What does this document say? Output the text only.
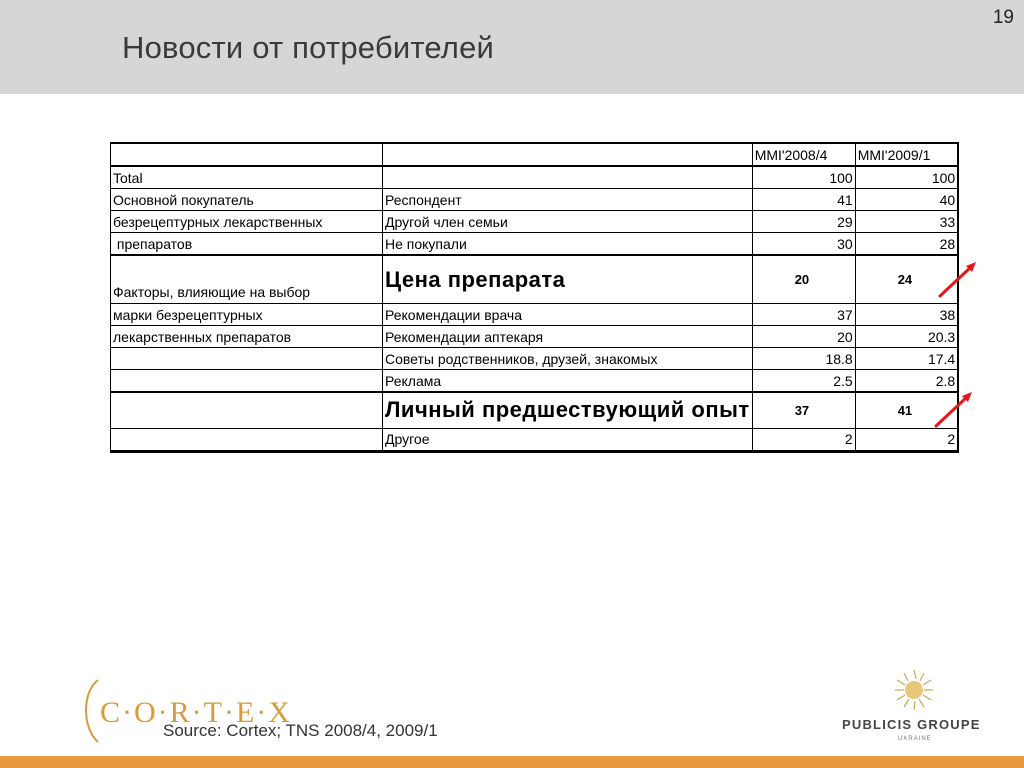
Новости от потребителей
19
		MMI'2008/4	MMI'2009/1
Total		100	100
Основной покупатель	Респондент	41	40
безрецептурных лекарственных	Другой член семьи	29	33
препаратов	Не покупали	30	28
Факторы, влияющие на выбор	Цена препарата	20	24
марки безрецептурных	Рекомендации врача	37	38
лекарственных препаратов	Рекомендации аптекаря	20	20.3
	Советы родственников, друзей, знакомых	18.8	17.4
	Реклама	2.5	2.8
	Личный предшествующий опыт	37	41
	Другое	2	2
C·O·R·T·E·X
Source: Cortex; TNS 2008/4, 2009/1	PUBLICIS GROUPE
UKRAINE
